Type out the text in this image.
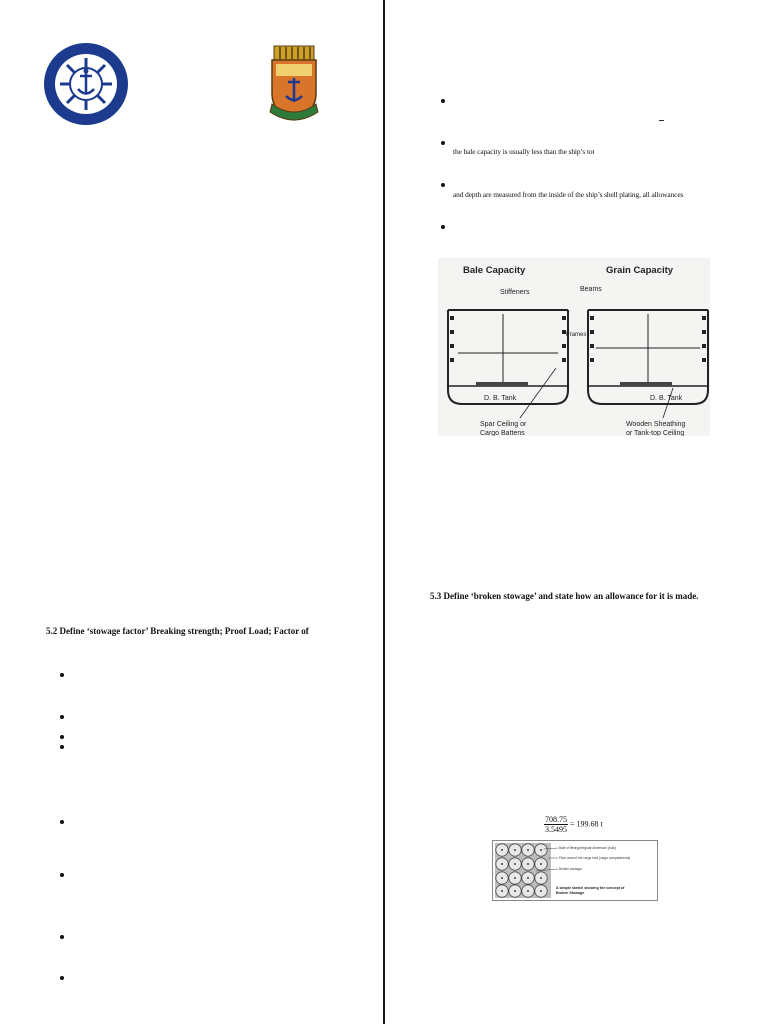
5.2 Define ‘stowage factor’ Breaking strength; Proof Load; Factor of
the bale capacity is usually less than the ship’s tot
and depth are measured from the inside of the ship’s shell plating, all allowances
Bale Capacity	Grain Capacity
Stiffeners	Beams
Frames
D. B. Tank	D. B. Tank
Spar Ceiling or
Cargo Battens
Wooden Sheathing
or Tank-top Ceiling
5.3 Define ‘broken stowage’ and state how an allowance for it is made.
$\frac{708.75}{3.5495} = 199.68$ t
Bale of flexing/irregular dimension (bulk)
Floor area of the cargo hold (cargo compartments)
Broken stowage
A simple sketch showing the concept of
Broken Stowage
